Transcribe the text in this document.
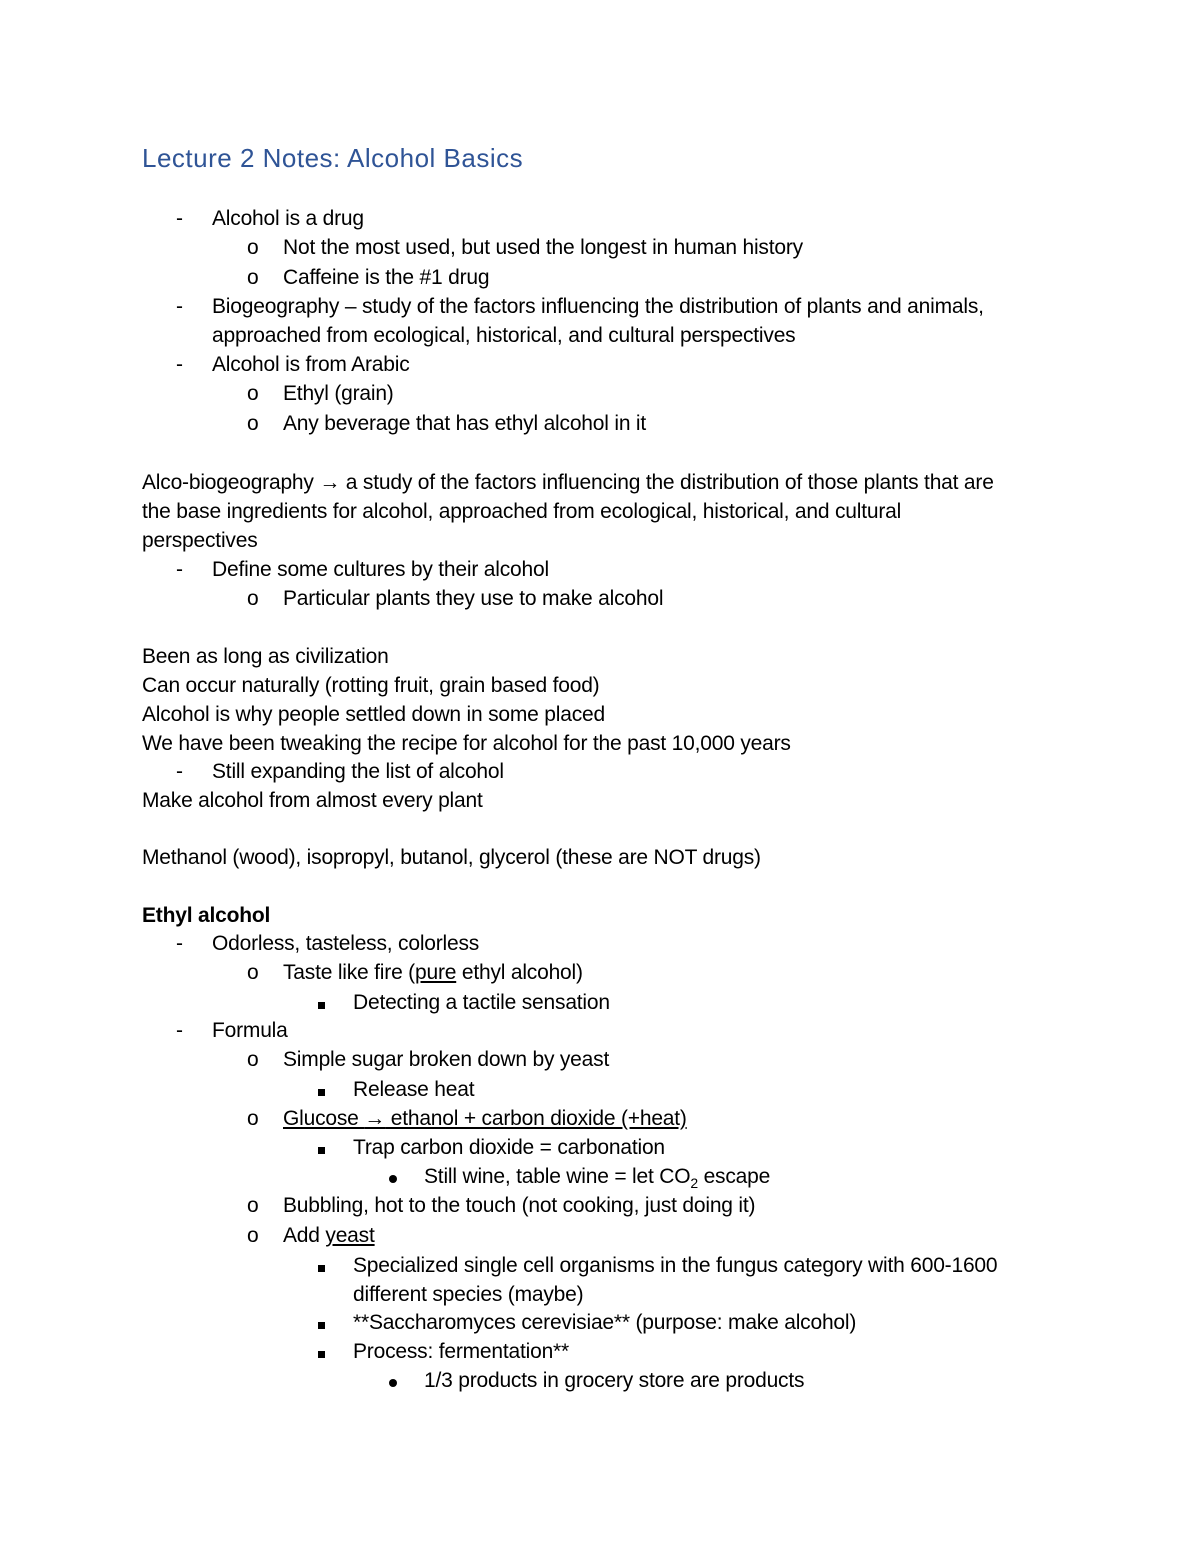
Lecture 2 Notes: Alcohol Basics
- Alcohol is a drug
o Not the most used, but used the longest in human history
o Caffeine is the #1 drug
- Biogeography – study of the factors influencing the distribution of plants and animals,
approached from ecological, historical, and cultural perspectives
- Alcohol is from Arabic
o Ethyl (grain)
o Any beverage that has ethyl alcohol in it
Alco-biogeography → a study of the factors influencing the distribution of those plants that are
the base ingredients for alcohol, approached from ecological, historical, and cultural
perspectives
- Define some cultures by their alcohol
o Particular plants they use to make alcohol
Been as long as civilization
Can occur naturally (rotting fruit, grain based food)
Alcohol is why people settled down in some placed
We have been tweaking the recipe for alcohol for the past 10,000 years
- Still expanding the list of alcohol
Make alcohol from almost every plant
Methanol (wood), isopropyl, butanol, glycerol (these are NOT drugs)
Ethyl alcohol
- Odorless, tasteless, colorless
o Taste like fire (pure ethyl alcohol)
Detecting a tactile sensation
- Formula
o Simple sugar broken down by yeast
Release heat
o Glucose → ethanol + carbon dioxide (+heat)
Trap carbon dioxide = carbonation
Still wine, table wine = let $CO_2$ escape
o Bubbling, hot to the touch (not cooking, just doing it)
o Add yeast
Specialized single cell organisms in the fungus category with 600-1600
different species (maybe)
**Saccharomyces cerevisiae** (purpose: make alcohol)
Process: fermentation**
1/3 products in grocery store are products
